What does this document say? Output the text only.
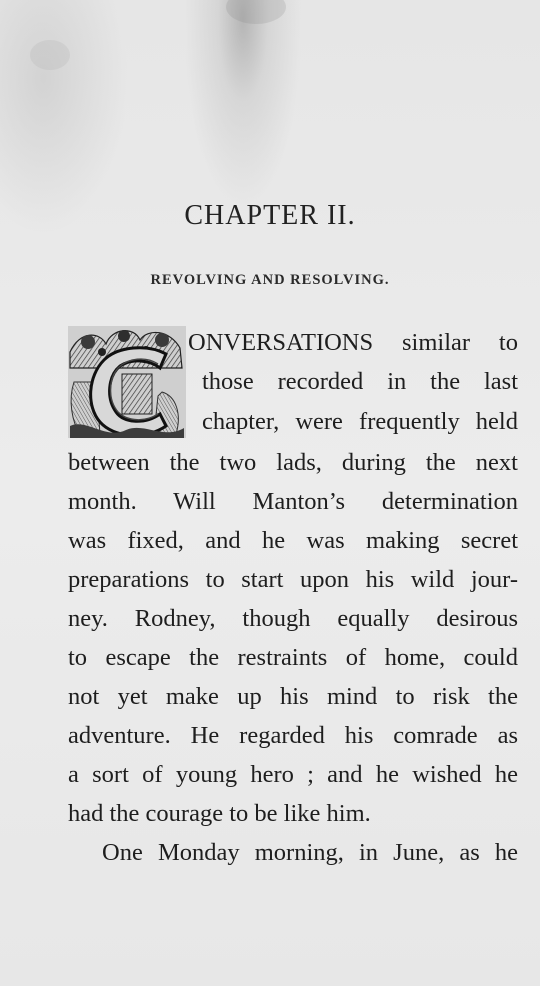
CHAPTER II.
REVOLVING AND RESOLVING.
ONVERSATIONS similar to
those recorded in the last
chapter, were frequently held
between the two lads, during the next
month. Will Manton’s determination
was fixed, and he was making secret
preparations to start upon his wild jour-
ney. Rodney, though equally desirous
to escape the restraints of home, could
not yet make up his mind to risk the
adventure. He regarded his comrade as
a sort of young hero ; and he wished he
had the courage to be like him.
One Monday morning, in June, as he
